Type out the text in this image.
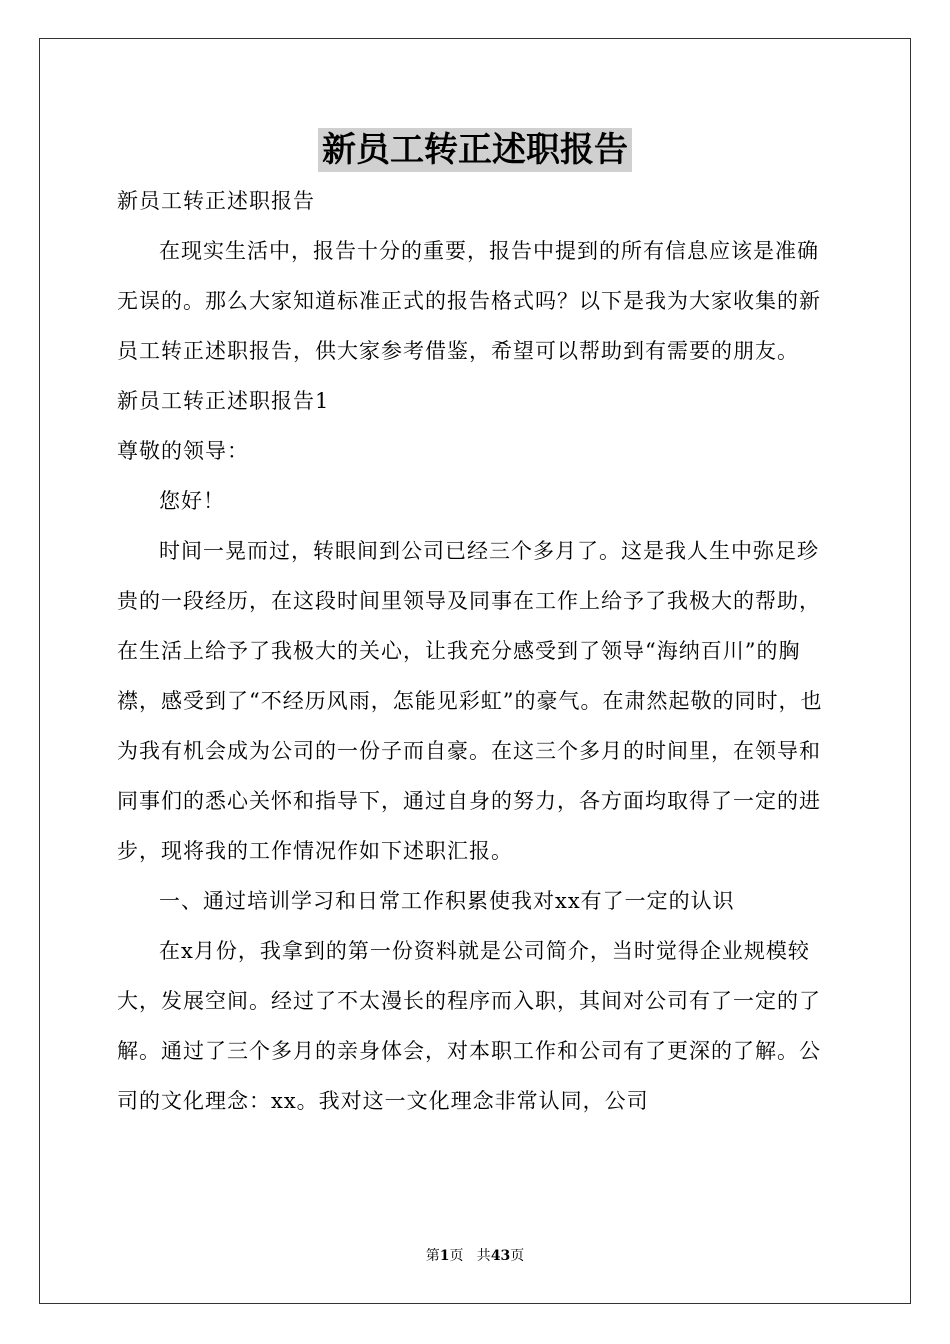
新员工转正述职报告

新员工转正述职报告

在现实生活中，报告十分的重要，报告中提到的所有信息应该是准确无误的。那么大家知道标准正式的报告格式吗？以下是我为大家收集的新员工转正述职报告，供大家参考借鉴，希望可以帮助到有需要的朋友。

新员工转正述职报告1

尊敬的领导：

您好！

时间一晃而过，转眼间到公司已经三个多月了。这是我人生中弥足珍贵的一段经历，在这段时间里领导及同事在工作上给予了我极大的帮助，在生活上给予了我极大的关心，让我充分感受到了领导“海纳百川”的胸襟，感受到了“不经历风雨，怎能见彩虹”的豪气。在肃然起敬的同时，也为我有机会成为公司的一份子而自豪。在这三个多月的时间里，在领导和同事们的悉心关怀和指导下，通过自身的努力，各方面均取得了一定的进步，现将我的工作情况作如下述职汇报。

一、通过培训学习和日常工作积累使我对xx有了一定的认识

在x月份，我拿到的第一份资料就是公司简介，当时觉得企业规模较大，发展空间。经过了不太漫长的程序而入职，其间对公司有了一定的了解。通过了三个多月的亲身体会，对本职工作和公司有了更深的了解。公司的文化理念：xx。我对这一文化理念非常认同，公司

第1页   共43页
